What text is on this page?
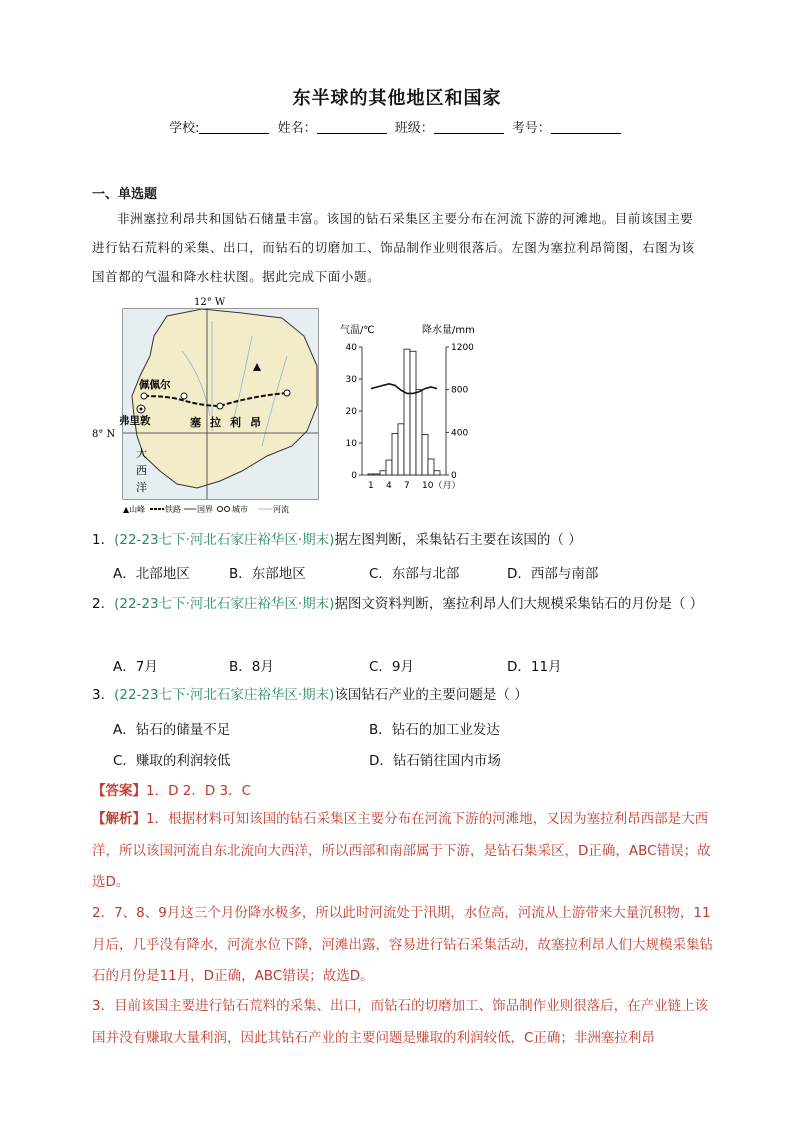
东半球的其他地区和国家
学校:	姓名：	班级：	考号：
一、单选题
非洲塞拉利昂共和国钻石储量丰富。该国的钻石采集区主要分布在河流下游的河滩地。目前该国主要进行钻石荒料的采集、出口，而钻石的切磨加工、饰品制作业则很落后。左图为塞拉利昂简图，右图为该国首都的气温和降水柱状图。据此完成下面小题。
12° W
8° N
佩佩尔
弗里敦	塞 拉 利 昂
大
西
洋
▲山峰 铁路 国界 城市	河流
气温/℃	降水量/mm
0
10
20
30
40
0
400
800
1200
1 4 7 10（月）
1．(22-23七下·河北石家庄裕华区·期末)据左图判断，采集钻石主要在该国的（ ）
A．北部地区	B．东部地区	C．东部与北部	D．西部与南部
2．(22-23七下·河北石家庄裕华区·期末)据图文资料判断，塞拉利昂人们大规模采集钻石的月份是（ ）
A．7月	B．8月	C．9月	D．11月
3．(22-23七下·河北石家庄裕华区·期末)该国钻石产业的主要问题是（ ）
A．钻石的储量不足	B．钻石的加工业发达
C．赚取的利润较低	D．钻石销往国内市场
【答案】1．D 2．D 3．C
【解析】1．根据材料可知该国的钻石采集区主要分布在河流下游的河滩地，又因为塞拉利昂西部是大西洋，所以该国河流自东北流向大西洋，所以西部和南部属于下游，是钻石集采区，D正确，ABC错误；故选D。
2．7、8、9月这三个月份降水极多，所以此时河流处于汛期，水位高，河流从上游带来大量沉积物，11月后，几乎没有降水，河流水位下降，河滩出露，容易进行钻石采集活动，故塞拉利昂人们大规模采集钻石的月份是11月，D正确，ABC错误；故选D。
3．目前该国主要进行钻石荒料的采集、出口，而钻石的切磨加工、饰品制作业则很落后，在产业链上该国并没有赚取大量利润，因此其钻石产业的主要问题是赚取的利润较低，C正确；非洲塞拉利昂
